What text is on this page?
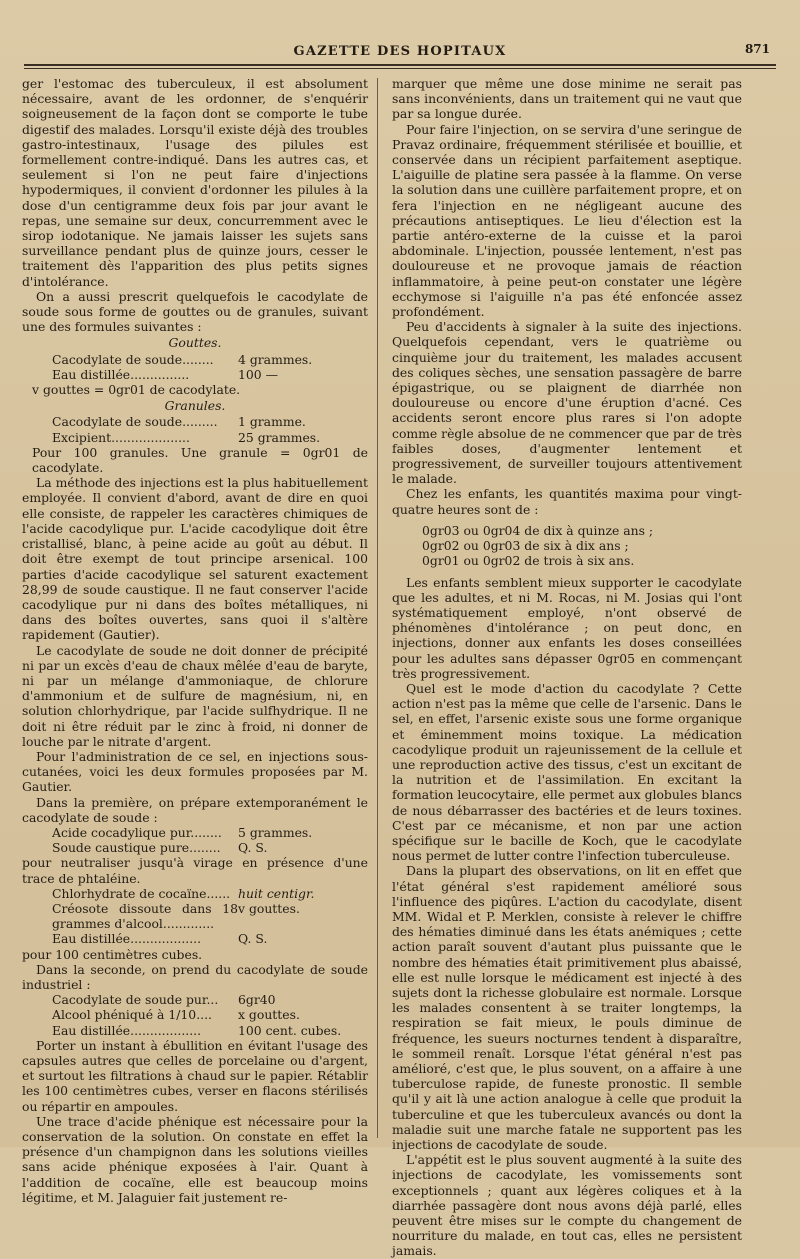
GAZETTE DES HOPITAUX	871

ger l'estomac des tuberculeux, il est absolument nécessaire, avant de les ordonner, de s'enquérir soigneusement de la façon dont se comporte le tube digestif des malades. Lorsqu'il existe déjà des troubles gastro-intestinaux, l'usage des pilules est formellement contre-indiqué. Dans les autres cas, et seulement si l'on ne peut faire d'injections hypodermiques, il convient d'ordonner les pilules à la dose d'un centigramme deux fois par jour avant le repas, une semaine sur deux, concurremment avec le sirop iodotanique. Ne jamais laisser les sujets sans surveillance pendant plus de quinze jours, cesser le traitement dès l'apparition des plus petits signes d'intolérance.

On a aussi prescrit quelquefois le cacodylate de soude sous forme de gouttes ou de granules, suivant une des formules suivantes :

Gouttes.
Cacodylate de soude........ 4 grammes.
Eau distillée...............	100 —

v gouttes = 0gr01 de cacodylate.

Granules.
Cacodylate de soude......... 1 gramme.
Excipient....................	25 grammes.

Pour 100 granules. Une granule = 0gr01 de cacodylate.

La méthode des injections est la plus habituellement employée. Il convient d'abord, avant de dire en quoi elle consiste, de rappeler les caractères chimiques de l'acide cacodylique pur. L'acide cacodylique doit être cristallisé, blanc, à peine acide au goût au début. Il doit être exempt de tout principe arsenical. 100 parties d'acide cacodylique sel saturent exactement 28,99 de soude caustique. Il ne faut conserver l'acide cacodylique pur ni dans des boîtes métalliques, ni dans des boîtes ouvertes, sans quoi il s'altère rapidement (Gautier).

Le cacodylate de soude ne doit donner de précipité ni par un excès d'eau de chaux mêlée d'eau de baryte, ni par un mélange d'ammoniaque, de chlorure d'ammonium et de sulfure de magnésium, ni, en solution chlorhydrique, par l'acide sulfhydrique. Il ne doit ni être réduit par le zinc à froid, ni donner de louche par le nitrate d'argent.

Pour l'administration de ce sel, en injections sous-cutanées, voici les deux formules proposées par M. Gautier.

Dans la première, on prépare extemporanément le cacodylate de soude :

Acide cocadylique pur........ 5 grammes.
Soude caustique pure........ Q. S.

pour neutraliser jusqu'à virage en présence d'une trace de phtaléine.

Chlorhydrate de cocaïne...... huit centigr.
Créosote dissoute dans 18 grammes d'alcool.............
v gouttes.
Eau distillée..................	Q. S.

pour 100 centimètres cubes.

Dans la seconde, on prend du cacodylate de soude industriel :

Cacodylate de soude pur... 6gr40
Alcool phéniqué à 1/10.... x gouttes.
Eau distillée..................	100 cent. cubes.

Porter un instant à ébullition en évitant l'usage des capsules autres que celles de porcelaine ou d'argent, et surtout les filtrations à chaud sur le papier. Rétablir les 100 centimètres cubes, verser en flacons stérilisés ou répartir en ampoules.

Une trace d'acide phénique est nécessaire pour la conservation de la solution. On constate en effet la présence d'un champignon dans les solutions vieilles sans acide phénique exposées à l'air. Quant à l'addition de cocaïne, elle est beaucoup moins légitime, et M. Jalaguier fait justement re-

marquer que même une dose minime ne serait pas sans inconvénients, dans un traitement qui ne vaut que par sa longue durée.

Pour faire l'injection, on se servira d'une seringue de Pravaz ordinaire, fréquemment stérilisée et bouillie, et conservée dans un récipient parfaitement aseptique. L'aiguille de platine sera passée à la flamme. On verse la solution dans une cuillère parfaitement propre, et on fera l'injection en ne négligeant aucune des précautions antiseptiques. Le lieu d'élection est la partie antéro-externe de la cuisse et la paroi abdominale. L'injection, poussée lentement, n'est pas douloureuse et ne provoque jamais de réaction inflammatoire, à peine peut-on constater une légère ecchymose si l'aiguille n'a pas été enfoncée assez profondément.

Peu d'accidents à signaler à la suite des injections. Quelquefois cependant, vers le quatrième ou cinquième jour du traitement, les malades accusent des coliques sèches, une sensation passagère de barre épigastrique, ou se plaignent de diarrhée non douloureuse ou encore d'une éruption d'acné. Ces accidents seront encore plus rares si l'on adopte comme règle absolue de ne commencer que par de très faibles doses, d'augmenter lentement et progressivement, de surveiller toujours attentivement le malade.

Chez les enfants, les quantités maxima pour vingt-quatre heures sont de :

0gr03 ou 0gr04 de dix à quinze ans ;

0gr02 ou 0gr03 de six à dix ans ;

0gr01 ou 0gr02 de trois à six ans.

Les enfants semblent mieux supporter le cacodylate que les adultes, et ni M. Rocas, ni M. Josias qui l'ont systématiquement employé, n'ont observé de phénomènes d'intolérance ; on peut donc, en injections, donner aux enfants les doses conseillées pour les adultes sans dépasser 0gr05 en commençant très progressivement.

Quel est le mode d'action du cacodylate ? Cette action n'est pas la même que celle de l'arsenic. Dans le sel, en effet, l'arsenic existe sous une forme organique et éminemment moins toxique. La médication cacodylique produit un rajeunissement de la cellule et une reproduction active des tissus, c'est un excitant de la nutrition et de l'assimilation. En excitant la formation leucocytaire, elle permet aux globules blancs de nous débarrasser des bactéries et de leurs toxines. C'est par ce mécanisme, et non par une action spécifique sur le bacille de Koch, que le cacodylate nous permet de lutter contre l'infection tuberculeuse.

Dans la plupart des observations, on lit en effet que l'état général s'est rapidement amélioré sous l'influence des piqûres. L'action du cacodylate, disent MM. Widal et P. Merklen, consiste à relever le chiffre des hématies diminué dans les états anémiques ; cette action paraît souvent d'autant plus puissante que le nombre des hématies était primitivement plus abaissé, elle est nulle lorsque le médicament est injecté à des sujets dont la richesse globulaire est normale. Lorsque les malades consentent à se traiter longtemps, la respiration se fait mieux, le pouls diminue de fréquence, les sueurs nocturnes tendent à disparaître, le sommeil renaît. Lorsque l'état général n'est pas amélioré, c'est que, le plus souvent, on a affaire à une tuberculose rapide, de funeste pronostic. Il semble qu'il y ait là une action analogue à celle que produit la tuberculine et que les tuberculeux avancés ou dont la maladie suit une marche fatale ne supportent pas les injections de cacodylate de soude.

L'appétit est le plus souvent augmenté à la suite des injections de cacodylate, les vomissements sont exceptionnels ; quant aux légères coliques et à la diarrhée passagère dont nous avons déjà parlé, elles peuvent être mises sur le compte du changement de nourriture du malade, en tout cas, elles ne persistent jamais.
